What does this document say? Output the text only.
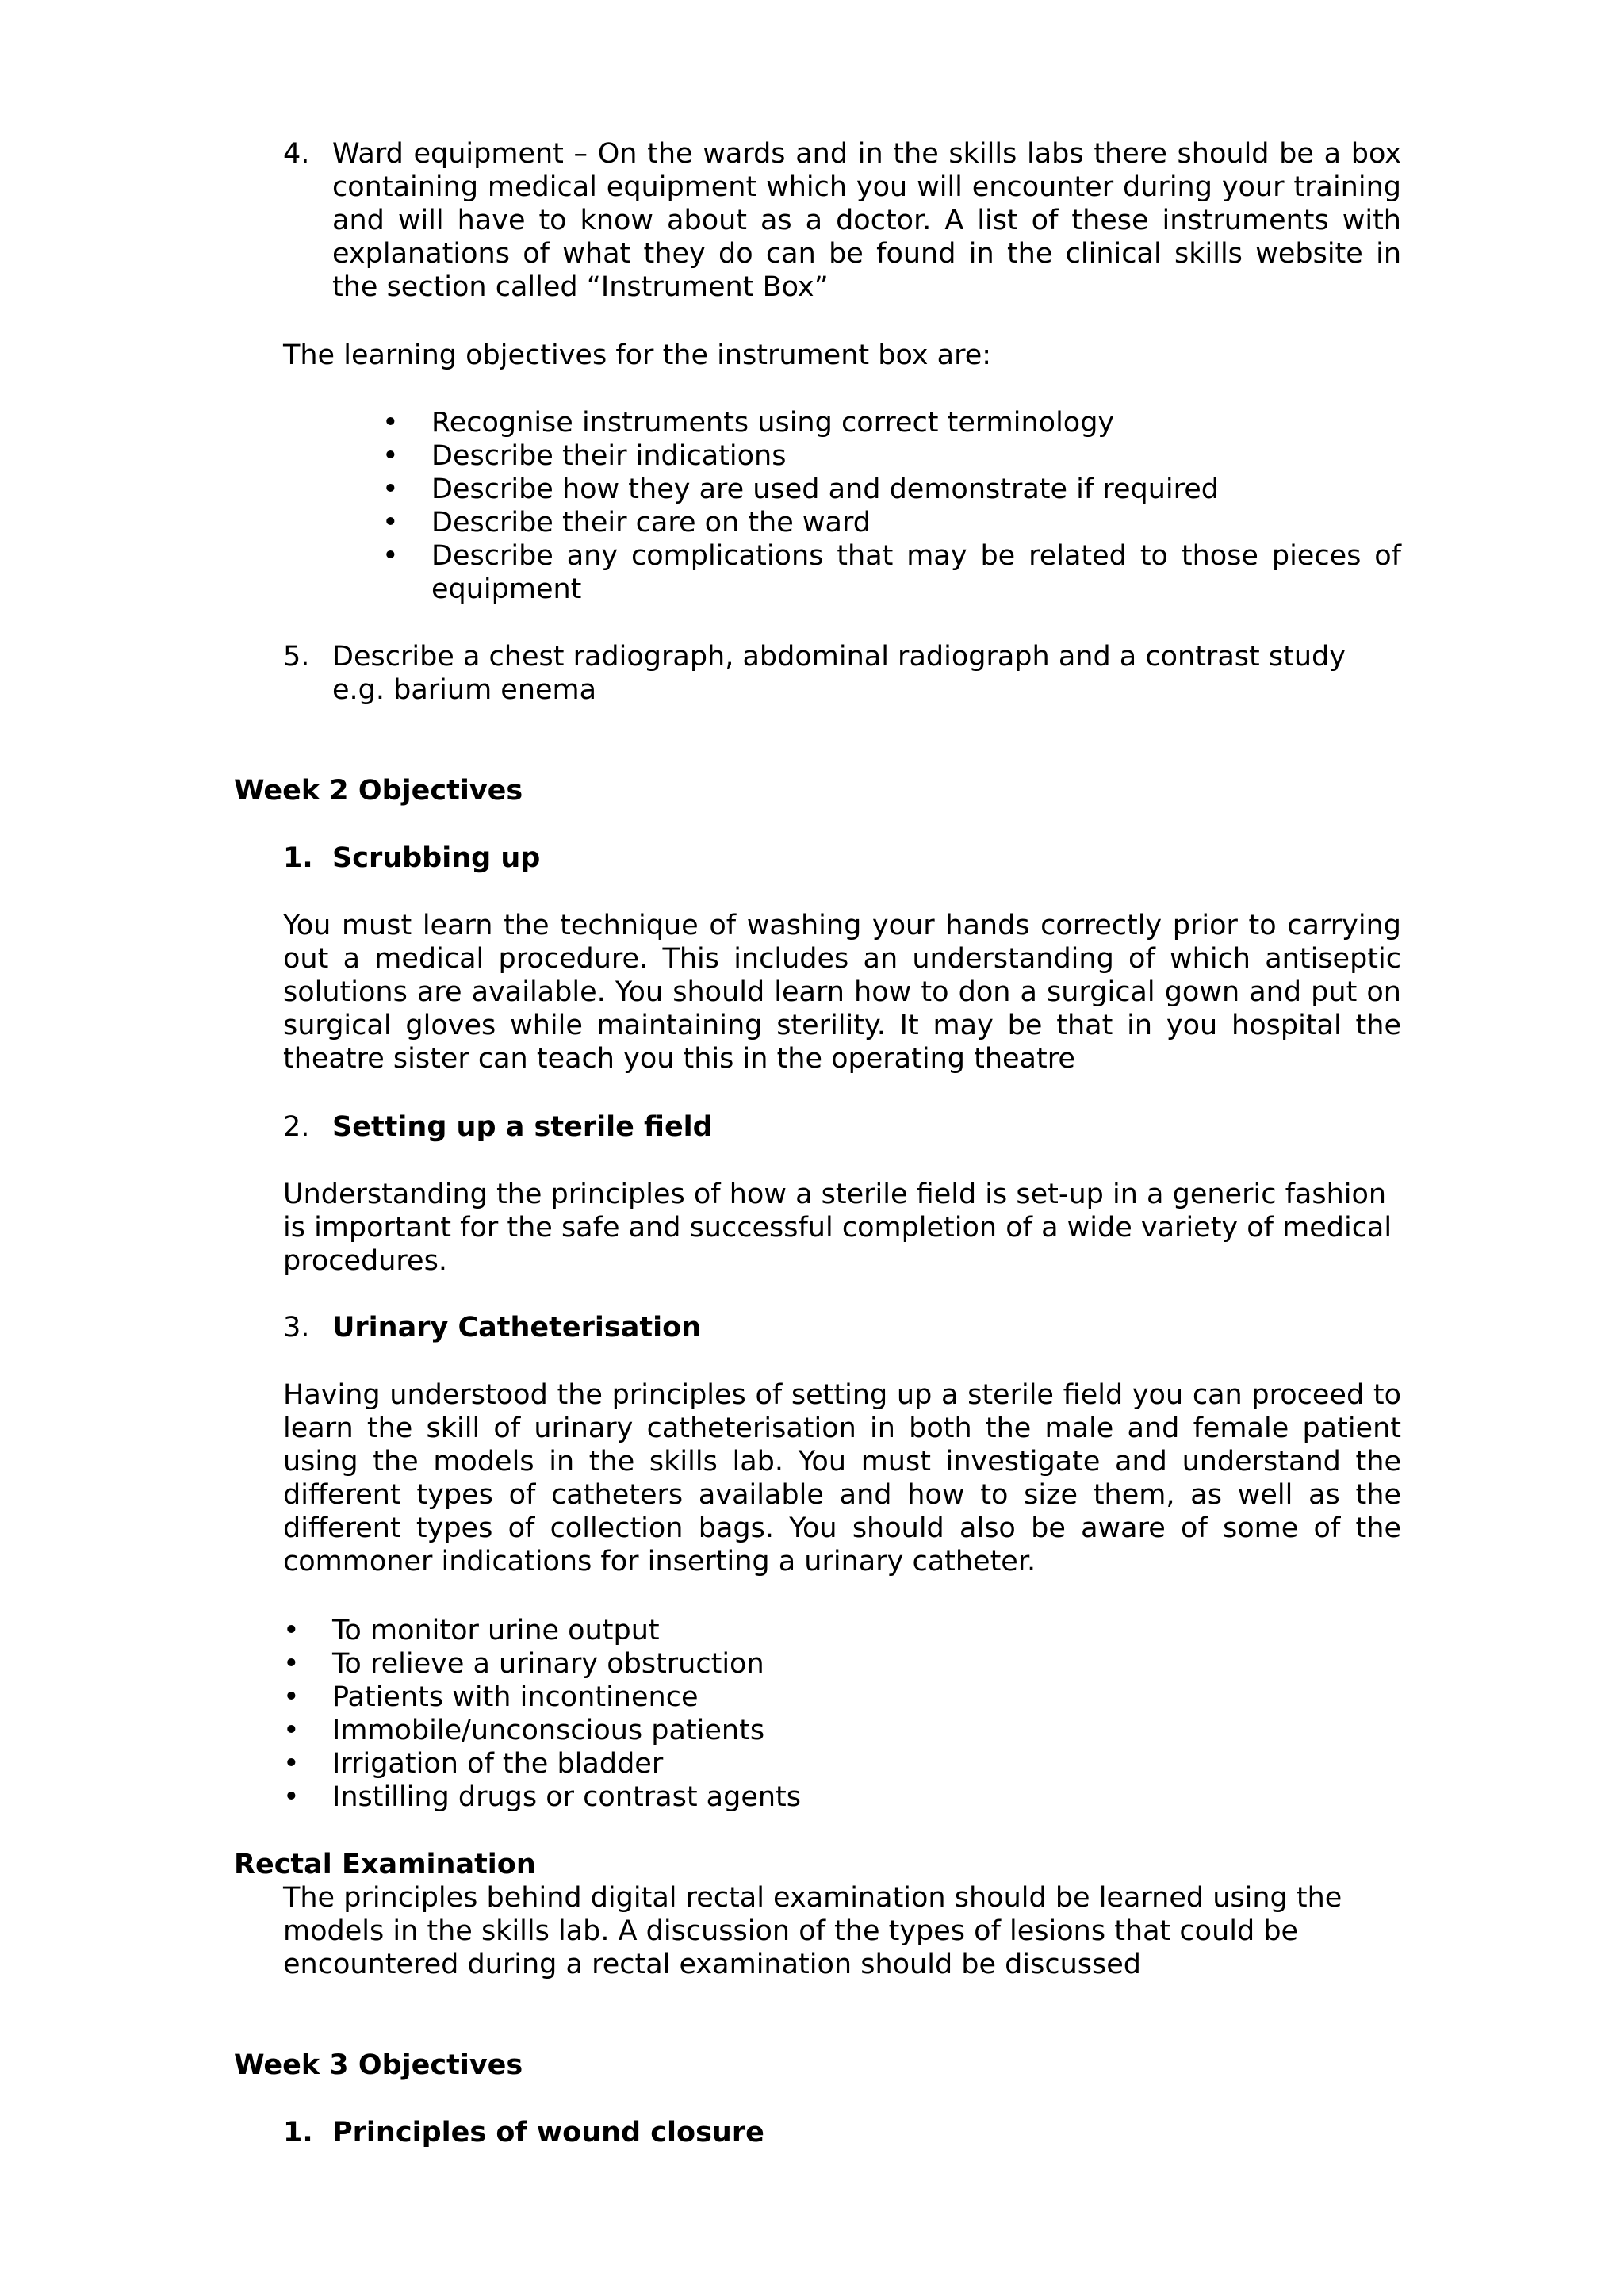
4. Ward equipment – On the wards and in the skills labs there should be a box containing medical equipment which you will encounter during your training and will have to know about as a doctor. A list of these instruments with explanations of what they do can be found in the clinical skills website in the section called “Instrument Box”
The learning objectives for the instrument box are:
• Recognise instruments using correct terminology
• Describe their indications
• Describe how they are used and demonstrate if required
• Describe their care on the ward
• Describe any complications that may be related to those pieces of equipment
5. Describe a chest radiograph, abdominal radiograph and a contrast study e.g. barium enema
Week 2 Objectives
1. Scrubbing up
You must learn the technique of washing your hands correctly prior to carrying out a medical procedure. This includes an understanding of which antiseptic solutions are available. You should learn how to don a surgical gown and put on surgical gloves while maintaining sterility. It may be that in you hospital the theatre sister can teach you this in the operating theatre
2. Setting up a sterile field
Understanding the principles of how a sterile field is set-up in a generic fashion is important for the safe and successful completion of a wide variety of medical procedures.
3. Urinary Catheterisation
Having understood the principles of setting up a sterile field you can proceed to learn the skill of urinary catheterisation in both the male and female patient using the models in the skills lab. You must investigate and understand the different types of catheters available and how to size them, as well as the different types of collection bags. You should also be aware of some of the commoner indications for inserting a urinary catheter.
• To monitor urine output
• To relieve a urinary obstruction
• Patients with incontinence
• Immobile/unconscious patients
• Irrigation of the bladder
• Instilling drugs or contrast agents
Rectal Examination
The principles behind digital rectal examination should be learned using the models in the skills lab. A discussion of the types of lesions that could be encountered during a rectal examination should be discussed
Week 3 Objectives
1. Principles of wound closure
